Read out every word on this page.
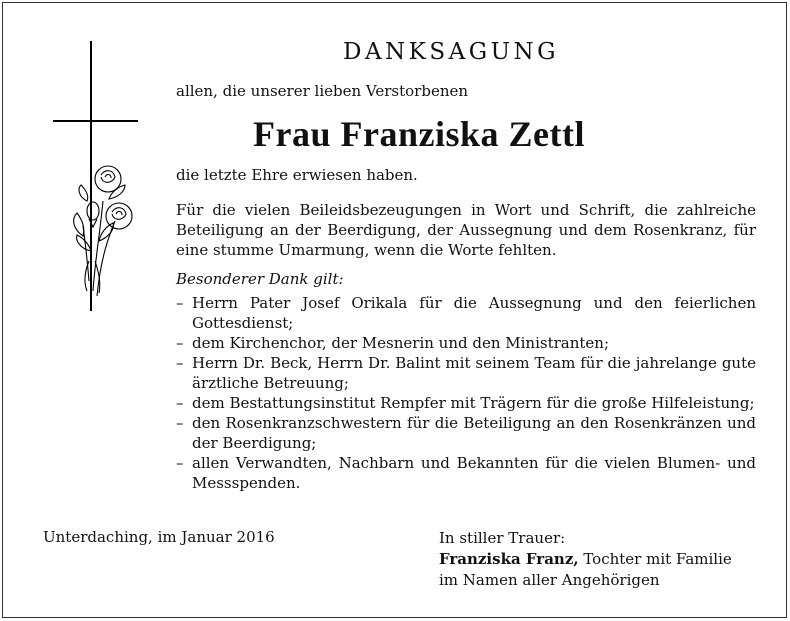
DANKSAGUNG
allen, die unserer lieben Verstorbenen
Frau Franziska Zettl
die letzte Ehre erwiesen haben.
Für die vielen Beileidsbezeugungen in Wort und Schrift, die zahlreiche Beteiligung an der Beerdigung, der Aussegnung und dem Rosenkranz, für eine stumme Umarmung, wenn die Worte fehlten.
Besonderer Dank gilt:
– Herrn Pater Josef Orikala für die Aussegnung und den feierlichen Gottesdienst;
– dem Kirchenchor, der Mesnerin und den Ministranten;
– Herrn Dr. Beck, Herrn Dr. Balint mit seinem Team für die jahrelange gute ärztliche Betreuung;
– dem Bestattungsinstitut Rempfer mit Trägern für die große Hilfeleistung;
– den Rosenkranzschwestern für die Beteiligung an den Rosenkränzen und der Beerdigung;
– allen Verwandten, Nachbarn und Bekannten für die vielen Blumen- und Messspenden.
Unterdaching, im Januar 2016	In stiller Trauer:
Franziska Franz, Tochter mit Familie
im Namen aller Angehörigen
